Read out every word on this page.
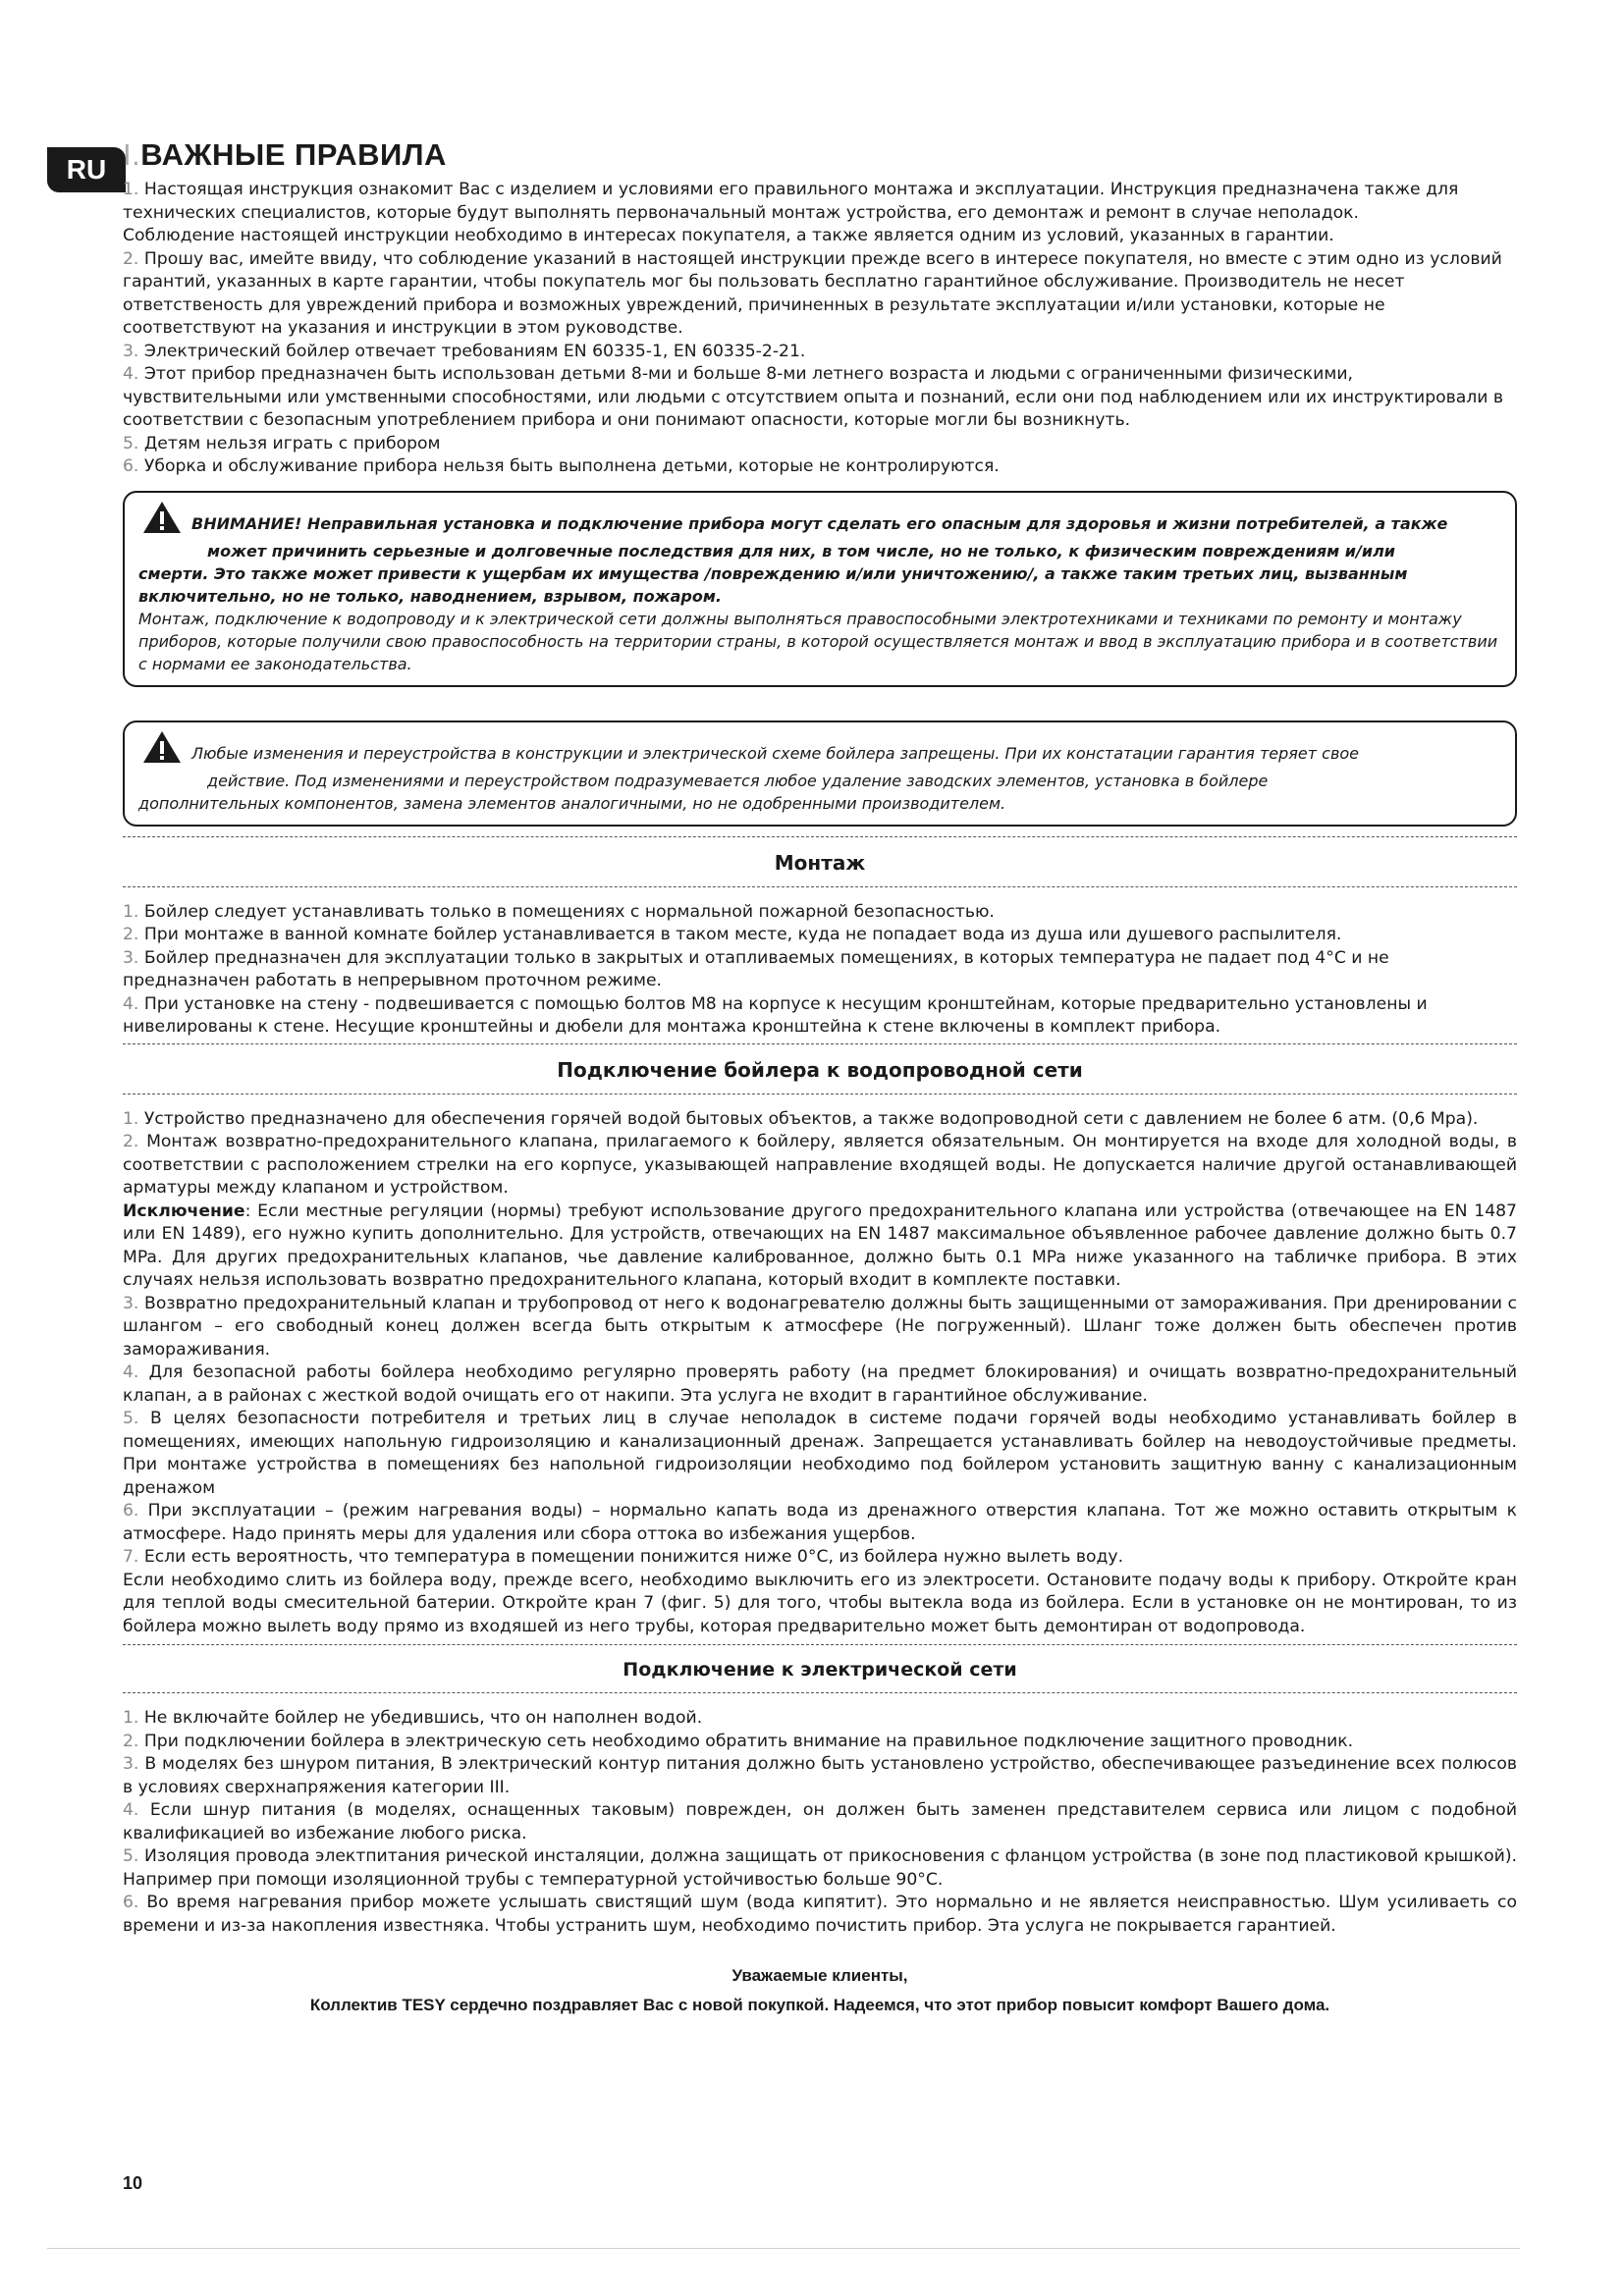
RU I.ВАЖНЫЕ ПРАВИЛА

1. Настоящая инструкция ознакомит Вас с изделием и условиями его правильного монтажа и эксплуатации. Инструкция предназначена также для технических специалистов, которые будут выполнять первоначальный монтаж устройства, его демонтаж и ремонт в случае неполадок.

Соблюдение настоящей инструкции необходимо в интересах покупателя, а также является одним из условий, указанных в гарантии.

2. Прошу вас, имейте ввиду, что соблюдение указаний в настоящей инструкции прежде всего в интересе покупателя, но вместе с этим одно из условий гарантий, указанных в карте гарантии, чтобы покупатель мог бы пользовать бесплатно гарантийное обслуживание. Производитель не несет ответственость для увреждений прибора и возможных увреждений, причиненных в результате эксплуатации и/или установки, которые не соответствуют на указания и инструкции в этом руководстве.

3. Электрический бойлер отвечает требованиям EN 60335-1, EN 60335-2-21.

4. Этот прибор предназначен быть использован детьми 8-ми и больше 8-ми летнего возраста и людьми с ограниченными физическими, чувствительными или умственными способностями, или людьми с отсутствием опыта и познаний, если они под наблюдением или их инструктировали в соответствии с безопасным употреблением прибора и они понимают опасности, которые могли бы возникнуть.

5. Детям нельзя играть с прибором

6. Уборка и обслуживание прибора нельзя быть выполнена детьми, которые не контролируются.

ВНИМАНИЕ! Неправильная установка и подключение прибора могут сделать его опасным для здоровья и жизни потребителей, а также

может причинить серьезные и долговечные последствия для них, в том числе, но не только, к физическим повреждениям и/или

смерти. Это также может привести к ущербам их имущества /повреждению и/или уничтожению/, а также таким третьих лиц, вызванным

включительно, но не только, наводнением, взрывом, пожаром.

Монтаж, подключение к водопроводу и к электрической сети должны выполняться правоспособными электротехниками и техниками по ремонту и монтажу приборов, которые получили свою правоспособность на территории страны, в которой осуществляется монтаж и ввод в эксплуатацию прибора и в соответствии с нормами ее законодательства.

Любые изменения и переустройства в конструкции и электрической схеме бойлера запрещены. При их констатации гарантия теряет свое

действие. Под изменениями и переустройством подразумевается любое удаление заводских элементов, установка в бойлере

дополнительных компонентов, замена элементов аналогичными, но не одобренными производителем.

Монтаж

1. Бойлер следует устанавливать только в помещениях с нормальной пожарной безопасностью.

2. При монтаже в ванной комнате бойлер устанавливается в таком месте, куда не попадает вода из душа или душевого распылителя.

3. Бойлер предназначен для эксплуатации только в закрытых и отапливаемых помещениях, в которых температура не падает под 4°С и не предназначен работать в непрерывном проточном режиме.

4. При установке на стену - подвешивается с помощью болтов М8 на корпусе к несущим кронштейнам, которые предварительно установлены и нивелированы к стене. Несущие кронштейны и дюбели для монтажа кронштейна к стене включены в комплект прибора.

Подключение бойлера к водопроводной сети

1. Устройство предназначено для обеспечения горячей водой бытовых объектов, а также водопроводной сети с давлением не более 6 атм. (0,6 Mpa).

2. Монтаж возвратно-предохранительного клапана, прилагаемого к бойлеру, является обязательным. Он монтируется на входе для холодной воды, в соответствии с расположением стрелки на его корпусе, указывающей направление входящей воды. Не допускается наличие другой останавливающей арматуры между клапаном и устройством.

Исключение: Если местные регуляции (нормы) требуют использование другого предохранительного клапана или устройства (отвечающее на EN 1487 или EN 1489), его нужно купить дополнительно. Для устройств, отвечающих на EN 1487 максимальное объявленное рабочее давление должно быть 0.7 MPa. Для других предохранительных клапанов, чье давление калиброванное, должно быть 0.1 MPa ниже указанного на табличке прибора. В этих случаях нельзя использовать возвратно предохранительного клапана, который входит в комплекте поставки.

3. Возвратно предохранительный клапан и трубопровод от него к водонагревателю должны быть защищенными от замораживания. При дренировании с шлангом – его свободный конец должен всегда быть открытым к атмосфере (Не погруженный). Шланг тоже должен быть обеспечен против замораживания.

4. Для безопасной работы бойлера необходимо регулярно проверять работу (на предмет блокирования) и очищать возвратно-предохранительный клапан, а в районах с жесткой водой очищать его от накипи. Эта услуга не входит в гарантийное обслуживание.

5. В целях безопасности потребителя и третьих лиц в случае неполадок в системе подачи горячей воды необходимо устанавливать бойлер в помещениях, имеющих напольную гидроизоляцию и канализационный дренаж. Запрещается устанавливать бойлер на неводоустойчивые предметы. При монтаже устройства в помещениях без напольной гидроизоляции необходимо под бойлером установить защитную ванну с канализационным дренажом

6. При эксплуатации – (режим нагревания воды) – нормально капать вода из дренажного отверстия клапана. Тот же можно оставить открытым к атмосфере. Надо принять меры для удаления или сбора оттока во избежания ущербов.

7. Если есть вероятность, что температура в помещении понижится ниже 0°С, из бойлера нужно вылеть воду.

Если необходимо слить из бойлера воду, прежде всего, необходимо выключить его из электросети. Остановите подачу воды к прибору. Откройте кран для теплой воды смесительной батерии. Откройте кран 7 (фиг. 5) для того, чтобы вытекла вода из бойлера. Если в установке он не монтирован, то из бойлера можно вылеть воду прямо из входяшей из него трубы, которая предварительно может быть демонтиран от водопровода.

Подключение к электрической сети

1. Не включайте бойлер не убедившись, что он наполнен водой.

2. При подключении бойлера в электрическую сеть необходимо обратить внимание на правильное подключение защитного проводник.

3. В моделях без шнуром питания, В электрический контур питания должно быть установлено устройство, обеспечивающее разъединение всех полюсов в условиях сверхнапряжения категории III.

4. Если шнур питания (в моделях, оснащенных таковым) поврежден, он должен быть заменен представителем сервиса или лицом с подобной квалификацией во избежание любого риска.

5. Изоляция провода электпитания рической инсталяции, должна защищать от прикосновения с фланцом устройства (в зоне под пластиковой крышкой). Например при помощи изоляционной трубы с температурной устойчивостью больше 90°С.

6. Во время нагревания прибор можете услышать свистящий шум (вода кипятит). Это нормально и не является неисправностью. Шум усиливаеть со времени и из-за накопления известняка. Чтобы устранить шум, необходимо почистить прибор. Эта услуга не покрывается гарантией.

Уважаемые клиенты,

Коллектив TESY сердечно поздравляет Вас с новой покупкой. Надеемся, что этот прибор повысит комфорт Вашего дома.

10
